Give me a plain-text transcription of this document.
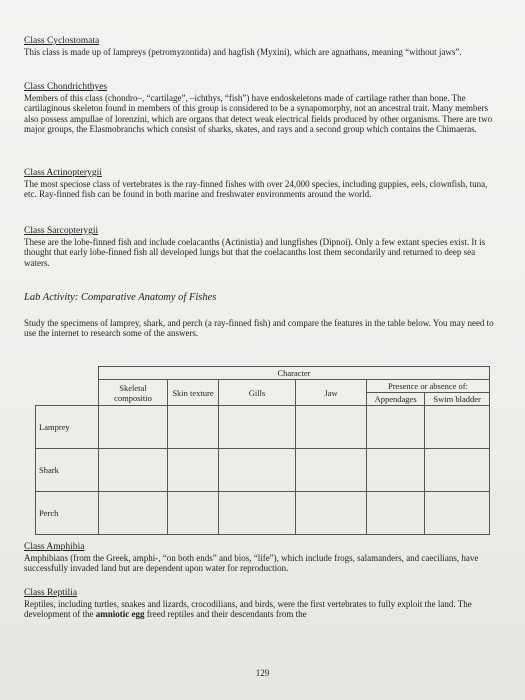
Class Cyclostomata
This class is made up of lampreys (petromyzontida) and hagfish (Myxini), which are agnathans, meaning “without jaws”.
Class Chondrichthyes
Members of this class (chondro–, “cartilage”, –ichthys, “fish”) have endoskeletons made of cartilage rather than bone. The cartilaginous skeleton found in members of this group is considered to be a synapomorphy, not an ancestral trait. Many members also possess ampullae of lorenzini, which are organs that detect weak electrical fields produced by other organisms. There are two major groups, the Elasmobranchs which consist of sharks, skates, and rays and a second group which contains the Chimaeras.
Class Actinopterygii
The most speciose class of vertebrates is the ray-finned fishes with over 24,000 species, including guppies, eels, clownfish, tuna, etc. Ray-finned fish can be found in both marine and freshwater environments around the world.
Class Sarcopterygii
These are the lobe-finned fish and include coelacanths (Actinistia) and lungfishes (Dipnoi). Only a few extant species exist. It is thought that early lobe-finned fish all developed lungs but that the coelacanths lost them secondarily and returned to deep sea waters.
Lab Activity: Comparative Anatomy of Fishes
Study the specimens of lamprey, shark, and perch (a ray-finned fish) and compare the features in the table below. You may need to use the internet to research some of the answers.
	Character					
	Skeletal compositio	Skin texture	Gills	Jaw	Presence or absence of:	
					Appendages	Swim bladder
Lamprey						
Shark						
Perch						
Class Amphibia
Amphibians (from the Greek, amphi-, “on both ends” and bios, “life”), which include frogs, salamanders, and caecilians, have successfully invaded land but are dependent upon water for reproduction.
Class Reptilia
Reptiles, including turtles, snakes and lizards, crocodilians, and birds, were the first vertebrates to fully exploit the land. The development of the amniotic egg freed reptiles and their descendants from the
129
